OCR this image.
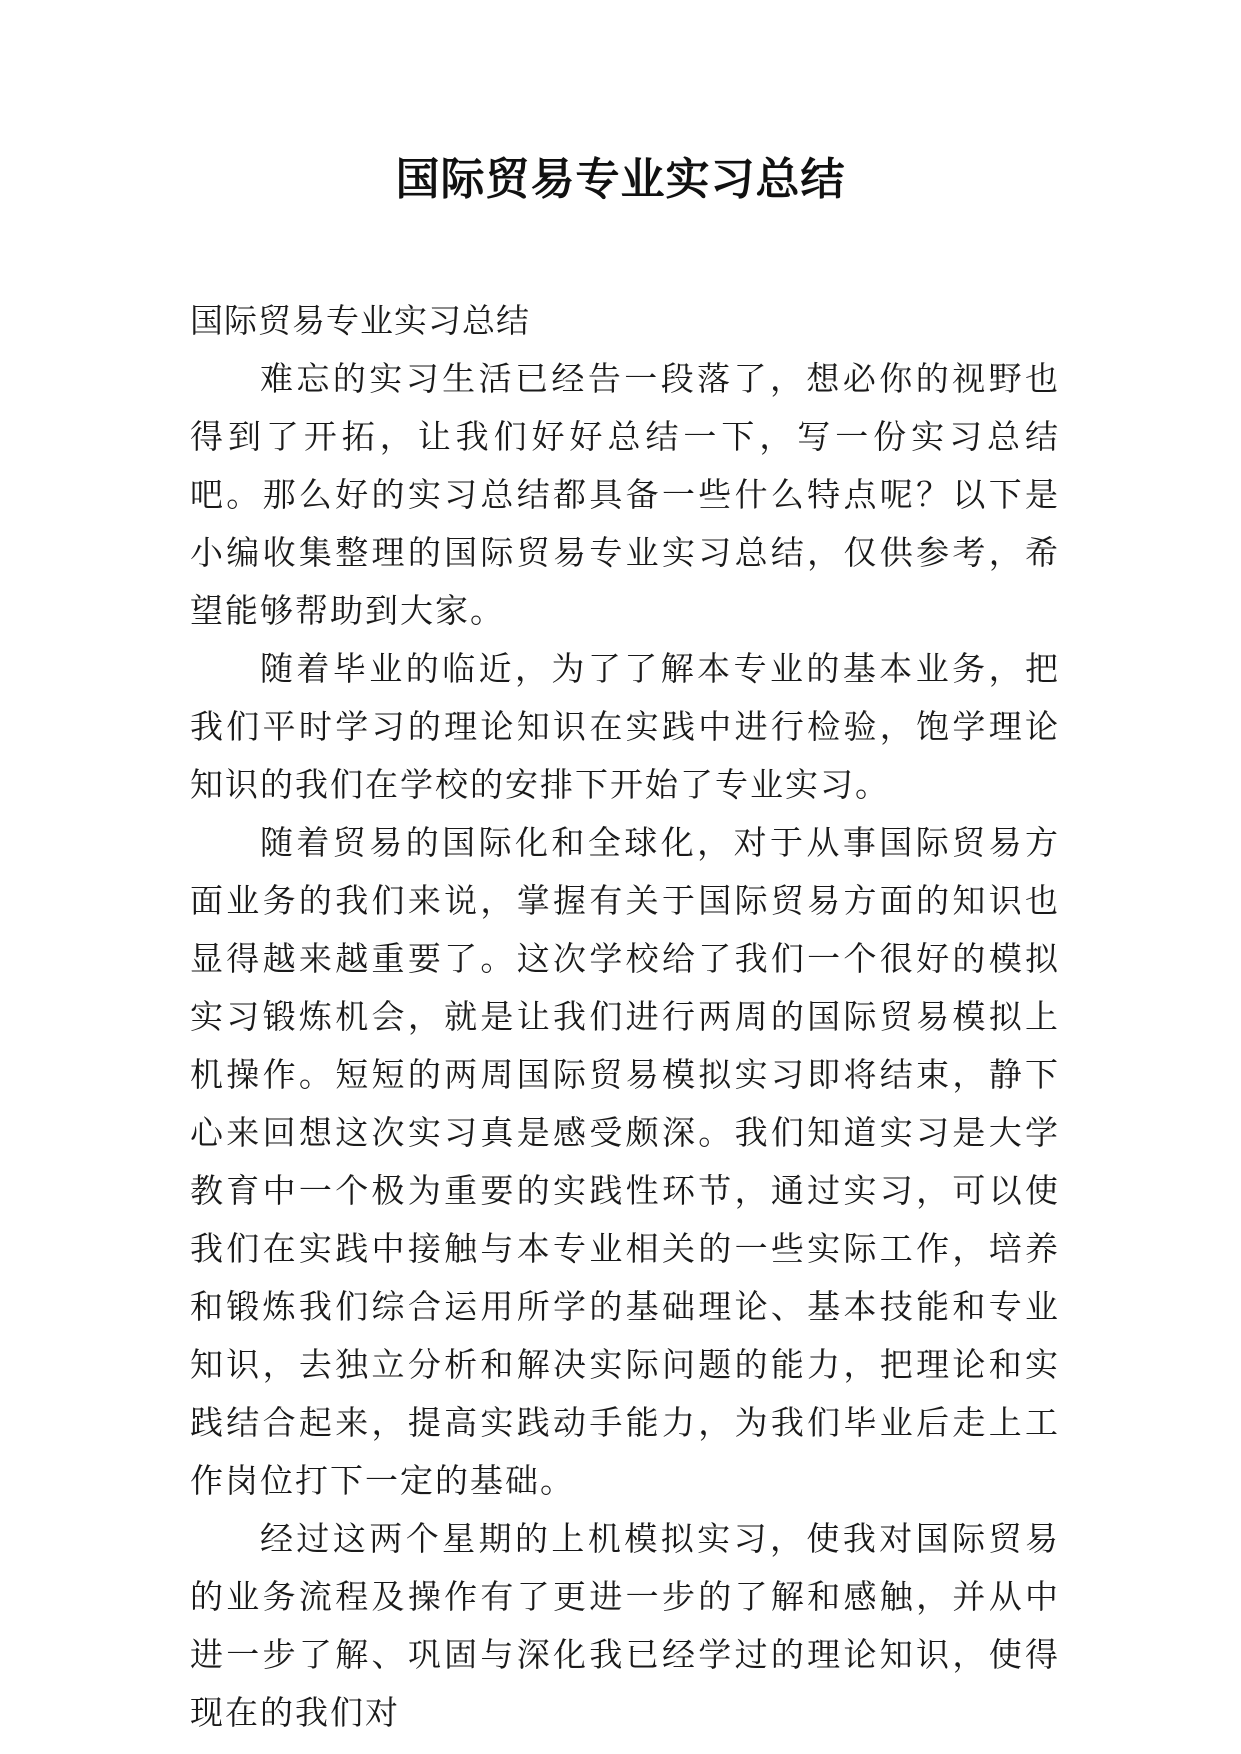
国际贸易专业实习总结

国际贸易专业实习总结

难忘的实习生活已经告一段落了，想必你的视野也得到了开拓，让我们好好总结一下，写一份实习总结吧。那么好的实习总结都具备一些什么特点呢？以下是小编收集整理的国际贸易专业实习总结，仅供参考，希望能够帮助到大家。

随着毕业的临近，为了了解本专业的基本业务，把我们平时学习的理论知识在实践中进行检验，饱学理论知识的我们在学校的安排下开始了专业实习。

随着贸易的国际化和全球化，对于从事国际贸易方面业务的我们来说，掌握有关于国际贸易方面的知识也显得越来越重要了。这次学校给了我们一个很好的模拟实习锻炼机会，就是让我们进行两周的国际贸易模拟上机操作。短短的两周国际贸易模拟实习即将结束，静下心来回想这次实习真是感受颇深。我们知道实习是大学教育中一个极为重要的实践性环节，通过实习，可以使我们在实践中接触与本专业相关的一些实际工作，培养和锻炼我们综合运用所学的基础理论、基本技能和专业知识，去独立分析和解决实际问题的能力，把理论和实践结合起来，提高实践动手能力，为我们毕业后走上工作岗位打下一定的基础。

经过这两个星期的上机模拟实习，使我对国际贸易的业务流程及操作有了更进一步的了解和感触，并从中进一步了解、巩固与深化我已经学过的理论知识，使得现在的我们对
